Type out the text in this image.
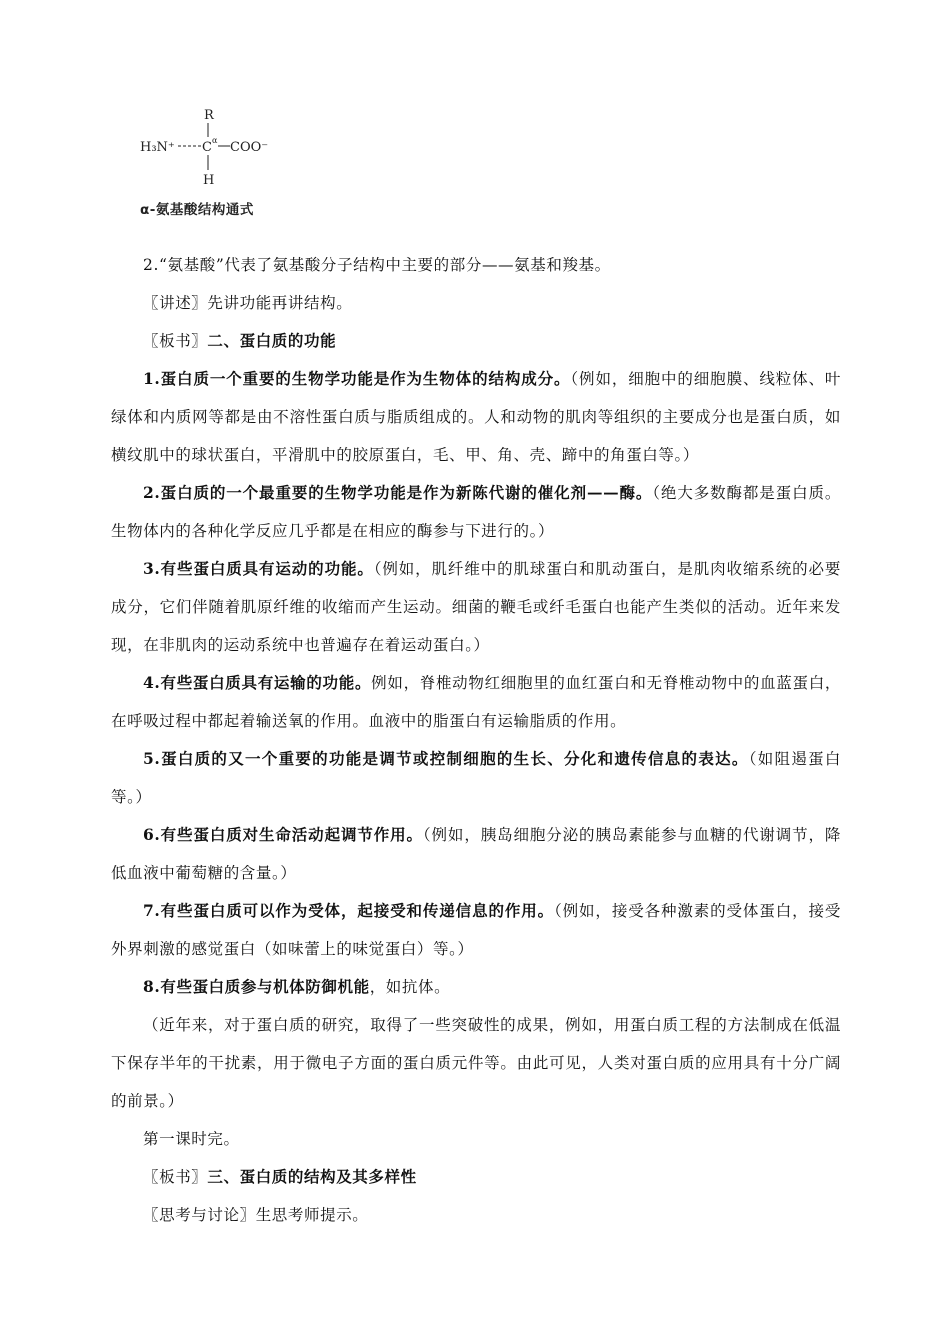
R
H₃N⁺ C α COO⁻
H
α-氨基酸结构通式

2.“氨基酸”代表了氨基酸分子结构中主要的部分——氨基和羧基。

〖讲述〗先讲功能再讲结构。

〖板书〗二、蛋白质的功能

1.蛋白质一个重要的生物学功能是作为生物体的结构成分。（例如，细胞中的细胞膜、线粒体、叶绿体和内质网等都是由不溶性蛋白质与脂质组成的。人和动物的肌肉等组织的主要成分也是蛋白质，如横纹肌中的球状蛋白，平滑肌中的胶原蛋白，毛、甲、角、壳、蹄中的角蛋白等。）

2.蛋白质的一个最重要的生物学功能是作为新陈代谢的催化剂——酶。（绝大多数酶都是蛋白质。生物体内的各种化学反应几乎都是在相应的酶参与下进行的。）

3.有些蛋白质具有运动的功能。（例如，肌纤维中的肌球蛋白和肌动蛋白，是肌肉收缩系统的必要成分，它们伴随着肌原纤维的收缩而产生运动。细菌的鞭毛或纤毛蛋白也能产生类似的活动。近年来发现，在非肌肉的运动系统中也普遍存在着运动蛋白。）

4.有些蛋白质具有运输的功能。例如，脊椎动物红细胞里的血红蛋白和无脊椎动物中的血蓝蛋白，在呼吸过程中都起着输送氧的作用。血液中的脂蛋白有运输脂质的作用。

5.蛋白质的又一个重要的功能是调节或控制细胞的生长、分化和遗传信息的表达。（如阻遏蛋白等。）

6.有些蛋白质对生命活动起调节作用。（例如，胰岛细胞分泌的胰岛素能参与血糖的代谢调节，降低血液中葡萄糖的含量。）

7.有些蛋白质可以作为受体，起接受和传递信息的作用。（例如，接受各种激素的受体蛋白，接受外界刺激的感觉蛋白（如味蕾上的味觉蛋白）等。）

8.有些蛋白质参与机体防御机能，如抗体。

（近年来，对于蛋白质的研究，取得了一些突破性的成果，例如，用蛋白质工程的方法制成在低温下保存半年的干扰素，用于微电子方面的蛋白质元件等。由此可见，人类对蛋白质的应用具有十分广阔的前景。）

第一课时完。

〖板书〗三、蛋白质的结构及其多样性

〖思考与讨论〗生思考师提示。
